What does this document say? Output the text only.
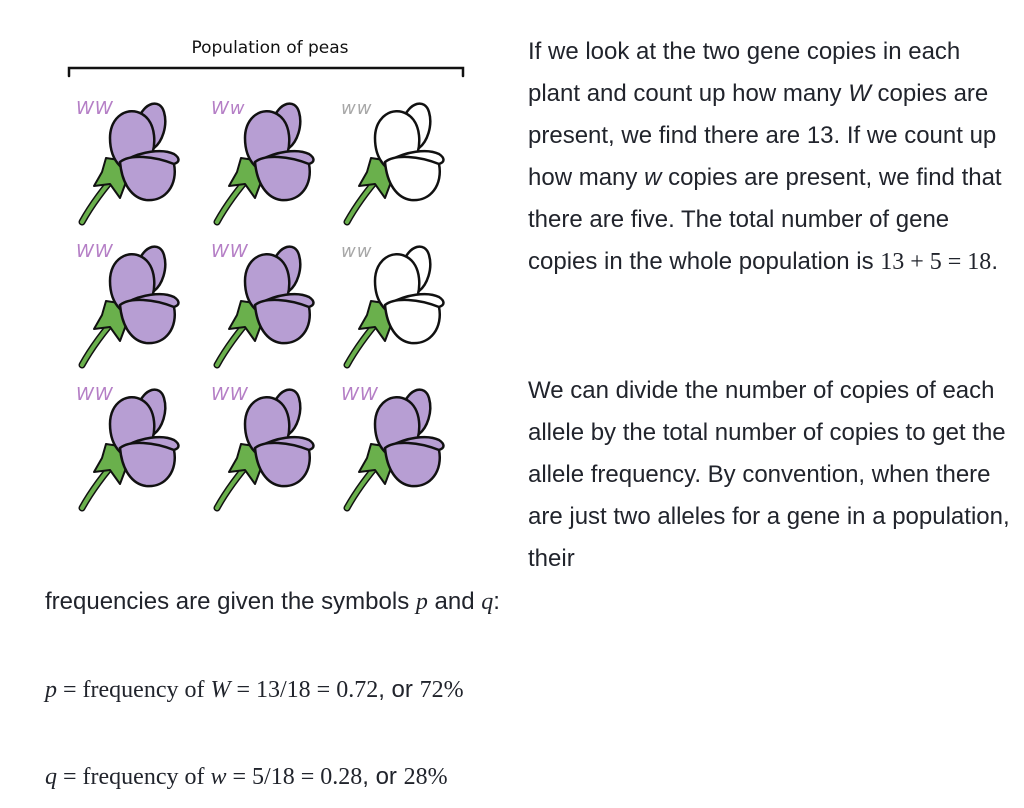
Population of peas
WW	Ww	ww
WW	WW	ww
WW	WW	WW

If we look at the two gene copies in each plant and count up how many W copies are present, we find there are 13. If we count up how many w copies are present, we find that there are five. The total number of gene copies in the whole population is 13 + 5 = 18.

We can divide the number of copies of each allele by the total number of copies to get the allele frequency. By convention, when there are just two alleles for a gene in a population, their

frequencies are given the symbols p and q:

p = frequency of W = 13/18 = 0.72, or 72%
q = frequency of w = 5/18 = 0.28, or 28%
